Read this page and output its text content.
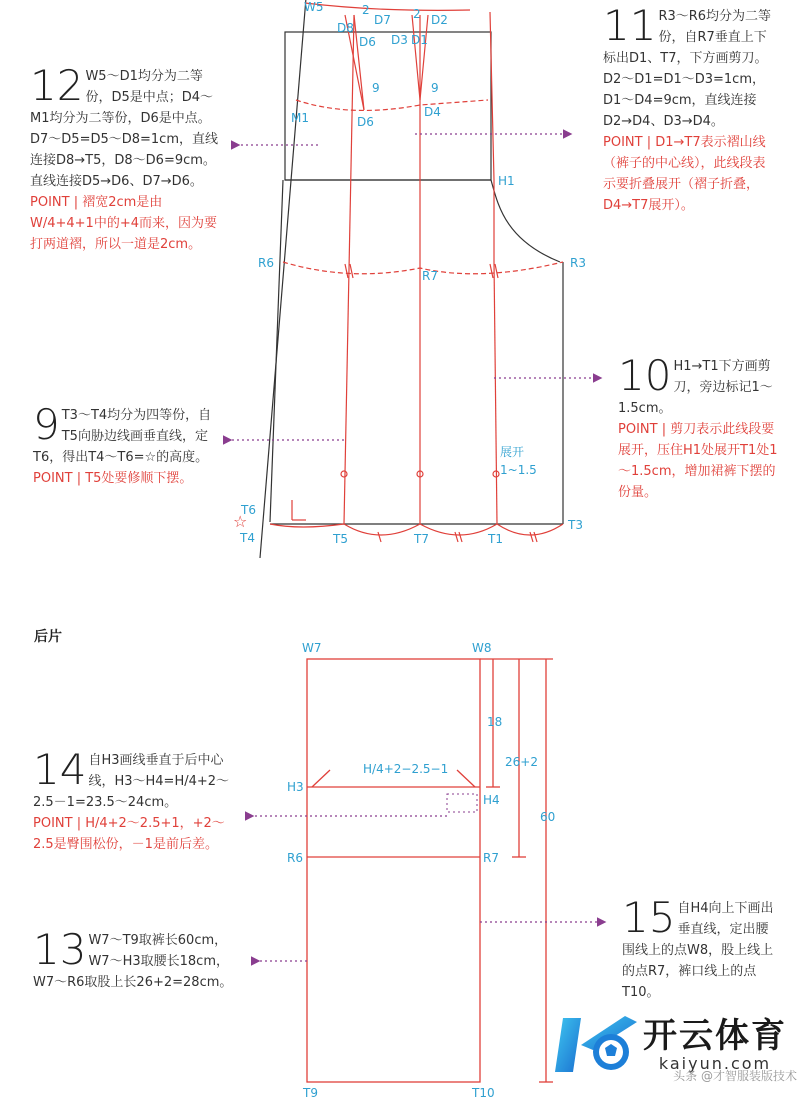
☆
W5
D8
D7
D6
D2
D3 D1
2	2
9	9
M1	D6
D4
H1
R6
R7
R3
T6
T4	T5	T7	T1
T3
展开
1~1.5
W7	W8
H3
H4
R6	R7
T9	T10
H/4+2−2.5−1
18
26+2
60
后片
11 R3～R6均分为二等份，自R7垂直上下标出D1、T7，下方画剪刀。D2～D1=D1～D3=1cm，D1～D4=9cm，直线连接D2→D4、D3→D4。
POINT | D1→T7表示褶山线（裤子的中心线），此线段表示要折叠展开（褶子折叠，D4→T7展开）。
12 W5～D1均分为二等份，D5是中点；D4～M1均分为二等份，D6是中点。D7～D5=D5～D8=1cm，直线连接D8→T5，D8～D6=9cm。直线连接D5→D6、D7→D6。
POINT | 褶宽2cm是由W/4+4+1中的+4而来，因为要打两道褶，所以一道是2cm。
10 H1→T1下方画剪刀，旁边标记1～1.5cm。
POINT | 剪刀表示此线段要展开，压住H1处展开T1处1～1.5cm，增加裙裤下摆的份量。
9 T3～T4均分为四等份，自T5向胁边线画垂直线，定T6，得出T4～T6=☆的高度。
POINT | T5处要修顺下摆。
14 自H3画线垂直于后中心线，H3～H4=H/4+2～2.5－1=23.5～24cm。
POINT | H/4+2～2.5+1，+2～2.5是臀围松份，－1是前后差。
13 W7～T9取裤长60cm，W7～H3取腰长18cm，W7～R6取股上长26+2=28cm。
15 自H4向上下画出垂直线，定出腰围线上的点W8，股上线上的点R7，裤口线上的点T10。
开云体育
kaiyun.com
头条 @才智服装版技术
